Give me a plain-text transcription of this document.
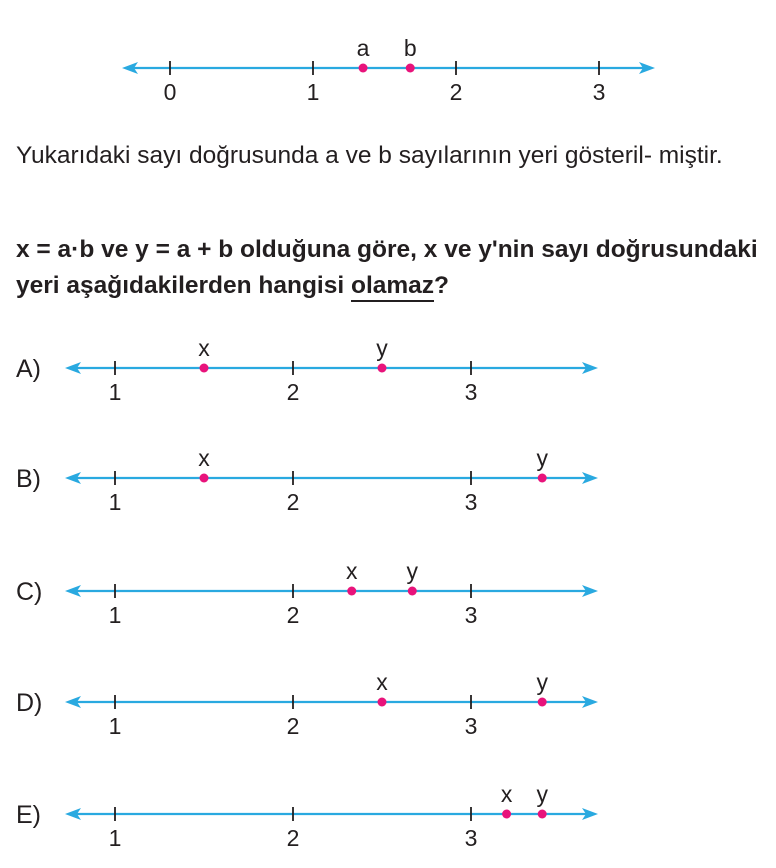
0	1	2	3
a b

Yukarıdaki sayı doğrusunda a ve b sayılarının yeri gösteril- miştir.

x = a·b ve y = a + b olduğuna göre, x ve y'nin sayı doğrusundaki yeri aşağıdakilerden hangisi olamaz?

A)
1	2	3
x	y
B)
1	2	3
x	y
C)
1	2	3
x y
D)
1	2	3
x	y
E)
1	2	3
x y
